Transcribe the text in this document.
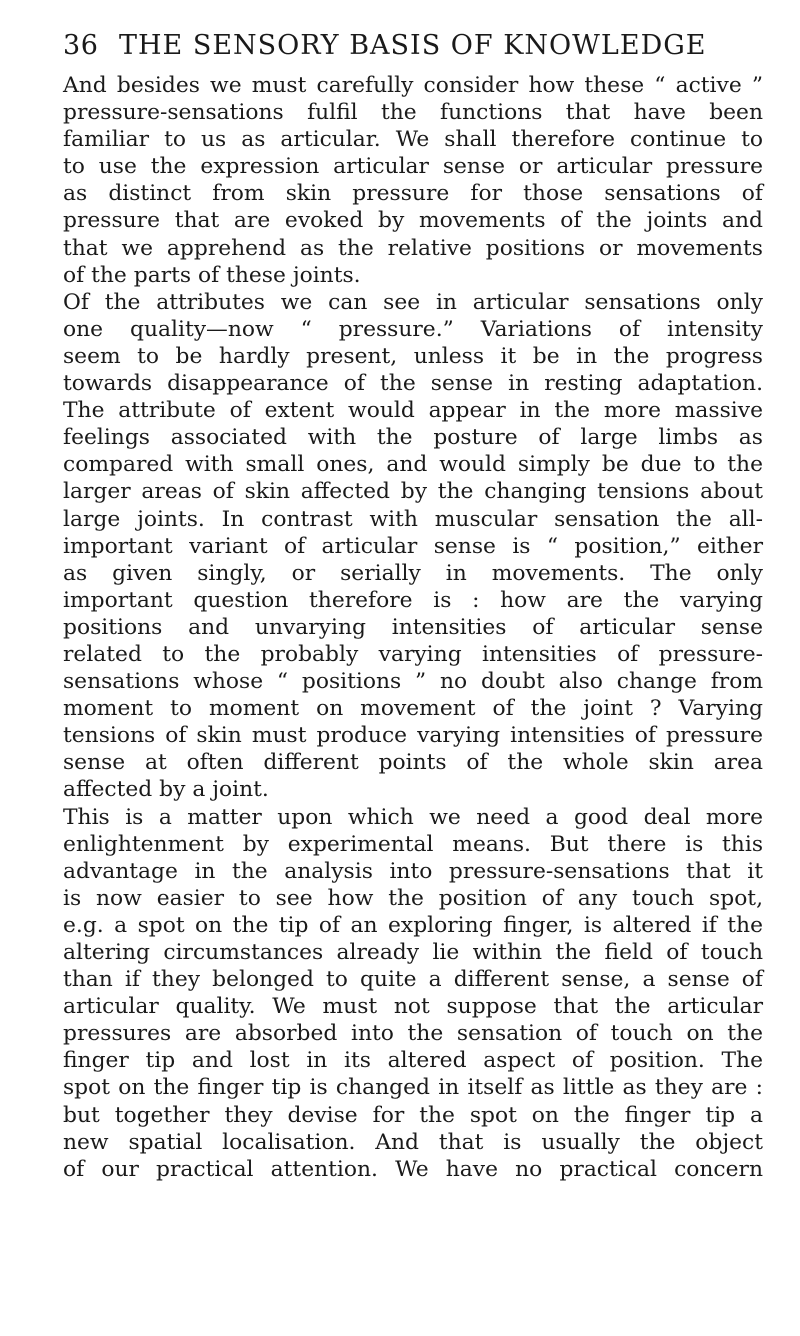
36 THE SENSORY BASIS OF KNOWLEDGE
And besides we must carefully consider how these “ active ”
pressure-sensations fulfil the functions that have been
familiar to us as articular. We shall therefore continue to
to use the expression articular sense or articular pressure
as distinct from skin pressure for those sensations of
pressure that are evoked by movements of the joints and
that we apprehend as the relative positions or movements
of the parts of these joints.
Of the attributes we can see in articular sensations only
one quality—now “ pressure.” Variations of intensity
seem to be hardly present, unless it be in the progress
towards disappearance of the sense in resting adaptation.
The attribute of extent would appear in the more massive
feelings associated with the posture of large limbs as
compared with small ones, and would simply be due to the
larger areas of skin affected by the changing tensions about
large joints. In contrast with muscular sensation the all-
important variant of articular sense is “ position,” either
as given singly, or serially in movements. The only
important question therefore is : how are the varying
positions and unvarying intensities of articular sense
related to the probably varying intensities of pressure-
sensations whose “ positions ” no doubt also change from
moment to moment on movement of the joint ? Varying
tensions of skin must produce varying intensities of pressure
sense at often different points of the whole skin area
affected by a joint.
This is a matter upon which we need a good deal more
enlightenment by experimental means. But there is this
advantage in the analysis into pressure-sensations that it
is now easier to see how the position of any touch spot,
e.g. a spot on the tip of an exploring finger, is altered if the
altering circumstances already lie within the field of touch
than if they belonged to quite a different sense, a sense of
articular quality. We must not suppose that the articular
pressures are absorbed into the sensation of touch on the
finger tip and lost in its altered aspect of position. The
spot on the finger tip is changed in itself as little as they are :
but together they devise for the spot on the finger tip a
new spatial localisation. And that is usually the object
of our practical attention. We have no practical concern
